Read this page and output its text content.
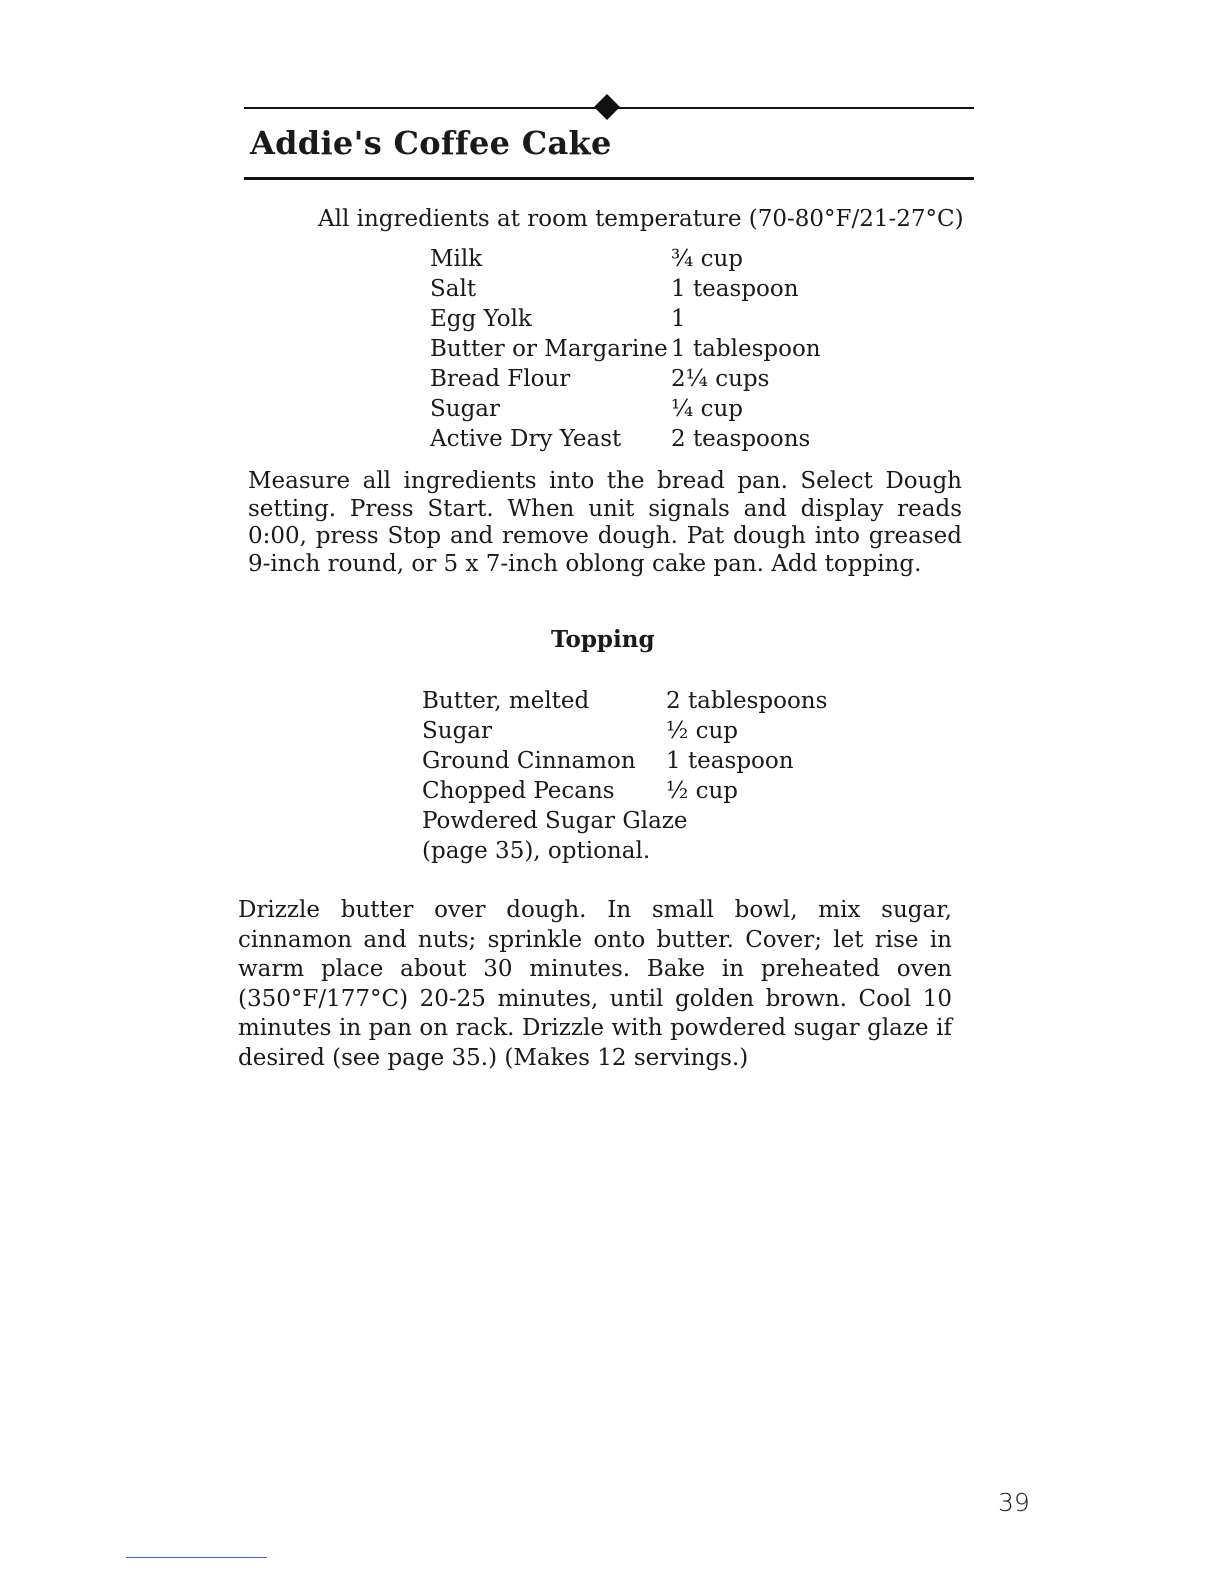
Addie's Coffee Cake
All ingredients at room temperature (70-80°F/21-27°C)
Milk	¾ cup
Salt	1 teaspoon
Egg Yolk	1
Butter or Margarine	1 tablespoon
Bread Flour	2¼ cups
Sugar	¼ cup
Active Dry Yeast	2 teaspoons
Measure all ingredients into the bread pan. Select Dough setting. Press Start. When unit signals and display reads 0:00, press Stop and remove dough. Pat dough into greased 9-inch round, or 5 x 7-inch oblong cake pan. Add topping.
Topping
Butter, melted	2 tablespoons
Sugar	½ cup
Ground Cinnamon	1 teaspoon
Chopped Pecans	½ cup
Powdered Sugar Glaze
(page 35), optional.
Drizzle butter over dough. In small bowl, mix sugar, cinnamon and nuts; sprinkle onto butter. Cover; let rise in warm place about 30 minutes. Bake in preheated oven (350°F/177°C) 20-25 minutes, until golden brown. Cool 10 minutes in pan on rack. Drizzle with powdered sugar glaze if desired (see page 35.) (Makes 12 servings.)
39
